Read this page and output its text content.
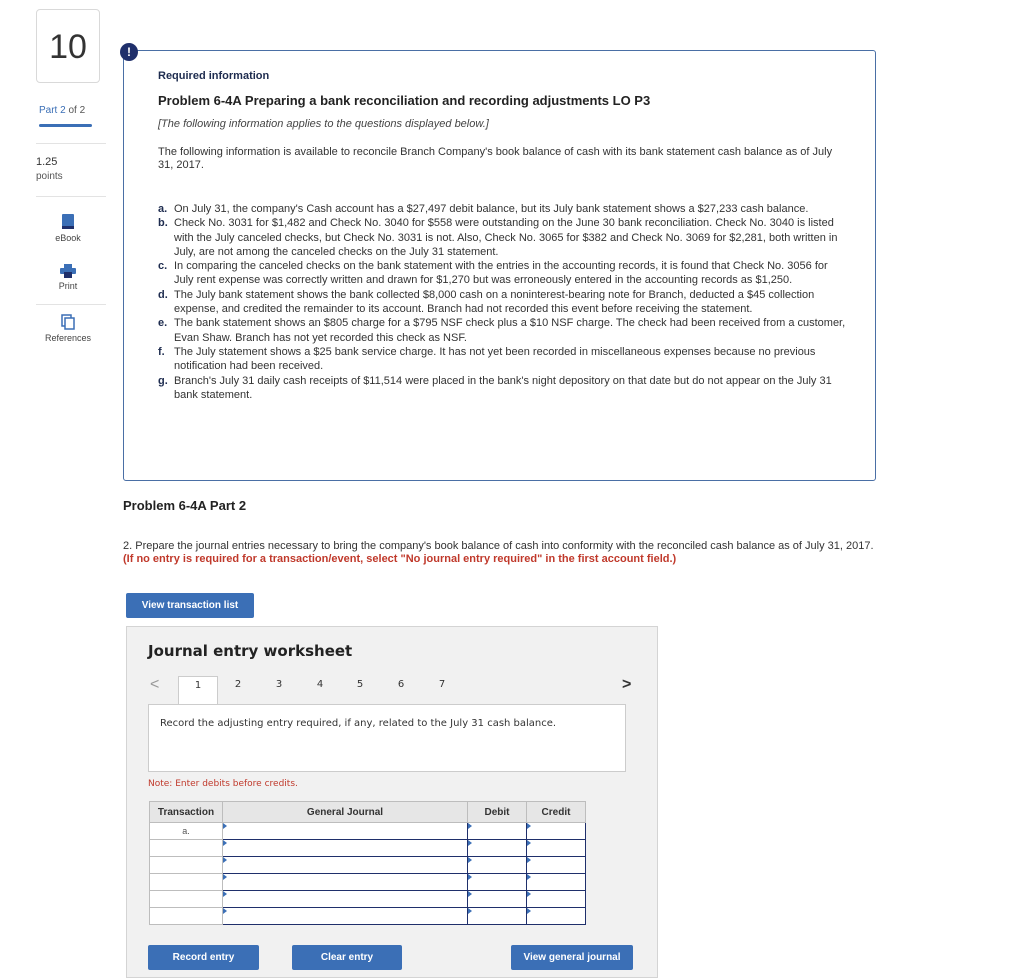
10
Part 2 of 2
1.25
points
eBook
Print
References
!
Required information
Problem 6-4A Preparing a bank reconciliation and recording adjustments LO P3
[The following information applies to the questions displayed below.]
The following information is available to reconcile Branch Company's book balance of cash with its bank statement cash balance as of July 31, 2017.
a. On July 31, the company's Cash account has a $27,497 debit balance, but its July bank statement shows a $27,233 cash balance.
b. Check No. 3031 for $1,482 and Check No. 3040 for $558 were outstanding on the June 30 bank reconciliation. Check No. 3040 is listed with the July canceled checks, but Check No. 3031 is not. Also, Check No. 3065 for $382 and Check No. 3069 for $2,281, both written in July, are not among the canceled checks on the July 31 statement.
c. In comparing the canceled checks on the bank statement with the entries in the accounting records, it is found that Check No. 3056 for July rent expense was correctly written and drawn for $1,270 but was erroneously entered in the accounting records as $1,250.
d. The July bank statement shows the bank collected $8,000 cash on a noninterest-bearing note for Branch, deducted a $45 collection expense, and credited the remainder to its account. Branch had not recorded this event before receiving the statement.
e. The bank statement shows an $805 charge for a $795 NSF check plus a $10 NSF charge. The check had been received from a customer, Evan Shaw. Branch has not yet recorded this check as NSF.
f. The July statement shows a $25 bank service charge. It has not yet been recorded in miscellaneous expenses because no previous notification had been received.
g. Branch's July 31 daily cash receipts of $11,514 were placed in the bank's night depository on that date but do not appear on the July 31 bank statement.
Problem 6-4A Part 2
2. Prepare the journal entries necessary to bring the company's book balance of cash into conformity with the reconciled cash balance as of July 31, 2017. (If no entry is required for a transaction/event, select "No journal entry required" in the first account field.)
View transaction list
Journal entry worksheet
<	1	2	3	4	5	6	7	>
Record the adjusting entry required, if any, related to the July 31 cash balance.
Note: Enter debits before credits.
Transaction	General Journal	Debit	Credit
a.			

Record entry	Clear entry	View general journal
